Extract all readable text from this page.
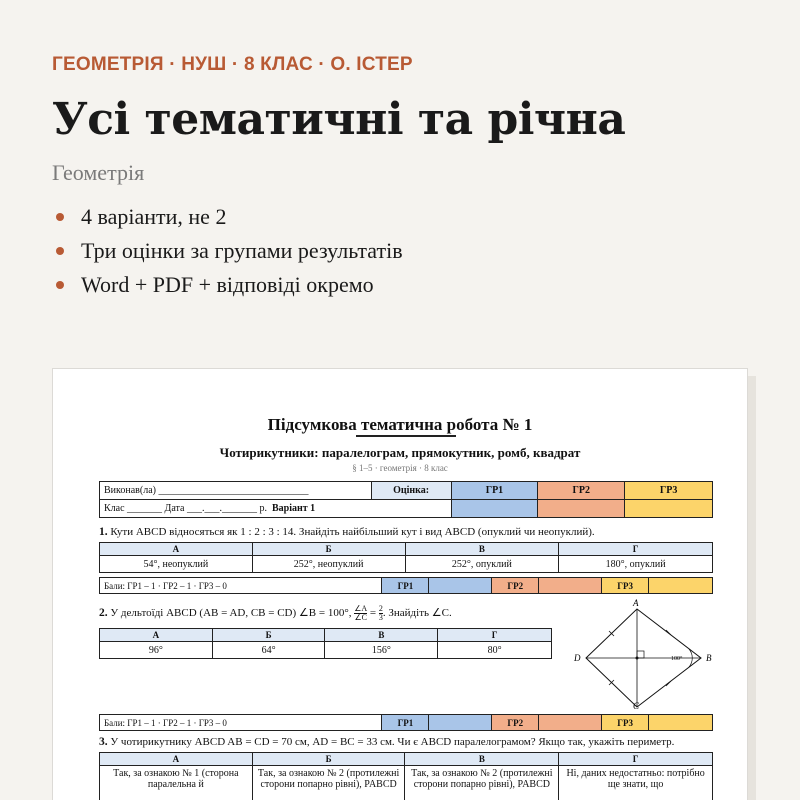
ГЕОМЕТРІЯ · НУШ · 8 КЛАС · О. ІСТЕР
Усі тематичні та річна
Геометрія
4 варіанти, не 2
Три оцінки за групами результатів
Word + PDF + відповіді окремо
Підсумкова тематична робота № 1
Чотирикутники: паралелограм, прямокутник, ромб, квадрат
§ 1–5 · геометрія · 8 клас
Виконав(ла) ______________________________	Оцінка:	ГР1	ГР2	ГР3
Клас _______ Дата ___.___._______ р. Варіант 1				
1. Кути ABCD відносяться як 1 : 2 : 3 : 14. Знайдіть найбільший кут і вид ABCD (опуклий чи неопуклий).
А	Б	В	Г
54°, неопуклий	252°, неопуклий	252°, опуклий	180°, опуклий
Бали: ГР1 – 1 · ГР2 – 1 · ГР3 – 0	ГР1		ГР2		ГР3	
2. У дельтоїді ABCD (AB = AD, CB = CD) ∠B = 100°, $\frac{\angle A}{\angle C} = \frac{2}{3}$ . Знайдіть ∠C.
А	Б	В	Г
96°	64°	156°	80°
A
B
C
D	100°
Бали: ГР1 – 1 · ГР2 – 1 · ГР3 – 0	ГР1		ГР2		ГР3	
3. У чотирикутнику ABCD AB = CD = 70 см, AD = BC = 33 см. Чи є ABCD паралелограмом? Якщо так, укажіть периметр.
А	Б	В	Г
Так, за ознакою № 1 (сторона паралельна й	Так, за ознакою № 2 (протилежні сторони попарно рівні), PABCD	Так, за ознакою № 2 (протилежні сторони попарно рівні), PABCD	Ні, даних недостатньо: потрібно ще знати, що
